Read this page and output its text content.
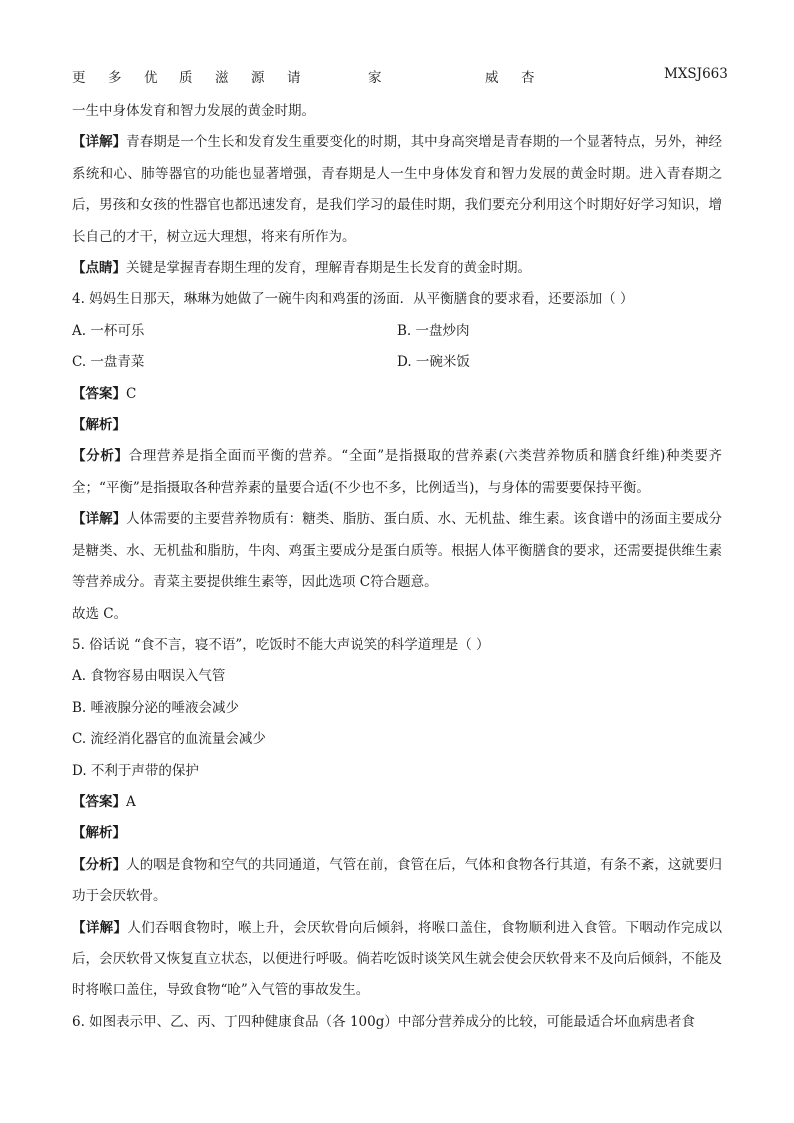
更 多 优 质 滋 源 请	家	威 杏	MXSJ663

一生中身体发育和智力发展的黄金时期。

【详解】青春期是一个生长和发育发生重要变化的时期，其中身高突增是青春期的一个显著特点，另外，神经系统和心、肺等器官的功能也显著增强，青春期是人一生中身体发育和智力发展的黄金时期。进入青春期之后，男孩和女孩的性器官也都迅速发育，是我们学习的最佳时期，我们要充分利用这个时期好好学习知识，增长自己的才干，树立远大理想，将来有所作为。

【点睛】关键是掌握青春期生理的发育，理解青春期是生长发育的黄金时期。

4. 妈妈生日那天，琳琳为她做了一碗牛肉和鸡蛋的汤面．从平衡膳食的要求看，还要添加（ ）

A. 一杯可乐	B. 一盘炒肉
C. 一盘青菜	D. 一碗米饭

【答案】C

【解析】

【分析】合理营养是指全面而平衡的营养。“全面”是指摄取的营养素(六类营养物质和膳食纤维)种类要齐全；“平衡”是指摄取各种营养素的量要合适(不少也不多，比例适当)，与身体的需要要保持平衡。

【详解】人体需要的主要营养物质有：糖类、脂肪、蛋白质、水、无机盐、维生素。该食谱中的汤面主要成分是糖类、水、无机盐和脂肪，牛肉、鸡蛋主要成分是蛋白质等。根据人体平衡膳食的要求，还需要提供维生素等营养成分。青菜主要提供维生素等，因此选项 C符合题意。

故选 C。

5. 俗话说 “食不言，寝不语”，吃饭时不能大声说笑的科学道理是（ ）

A. 食物容易由咽误入气管

B. 唾液腺分泌的唾液会减少

C. 流经消化器官的血流量会减少

D. 不利于声带的保护

【答案】A

【解析】

【分析】人的咽是食物和空气的共同通道，气管在前，食管在后，气体和食物各行其道，有条不紊，这就要归功于会厌软骨。

【详解】人们吞咽食物时，喉上升，会厌软骨向后倾斜，将喉口盖住，食物顺利进入食管。下咽动作完成以后，会厌软骨又恢复直立状态，以便进行呼吸。倘若吃饭时谈笑风生就会使会厌软骨来不及向后倾斜，不能及时将喉口盖住，导致食物“呛”入气管的事故发生。

6. 如图表示甲、乙、丙、丁四种健康食品（各 100g）中部分营养成分的比较，可能最适合坏血病患者食
